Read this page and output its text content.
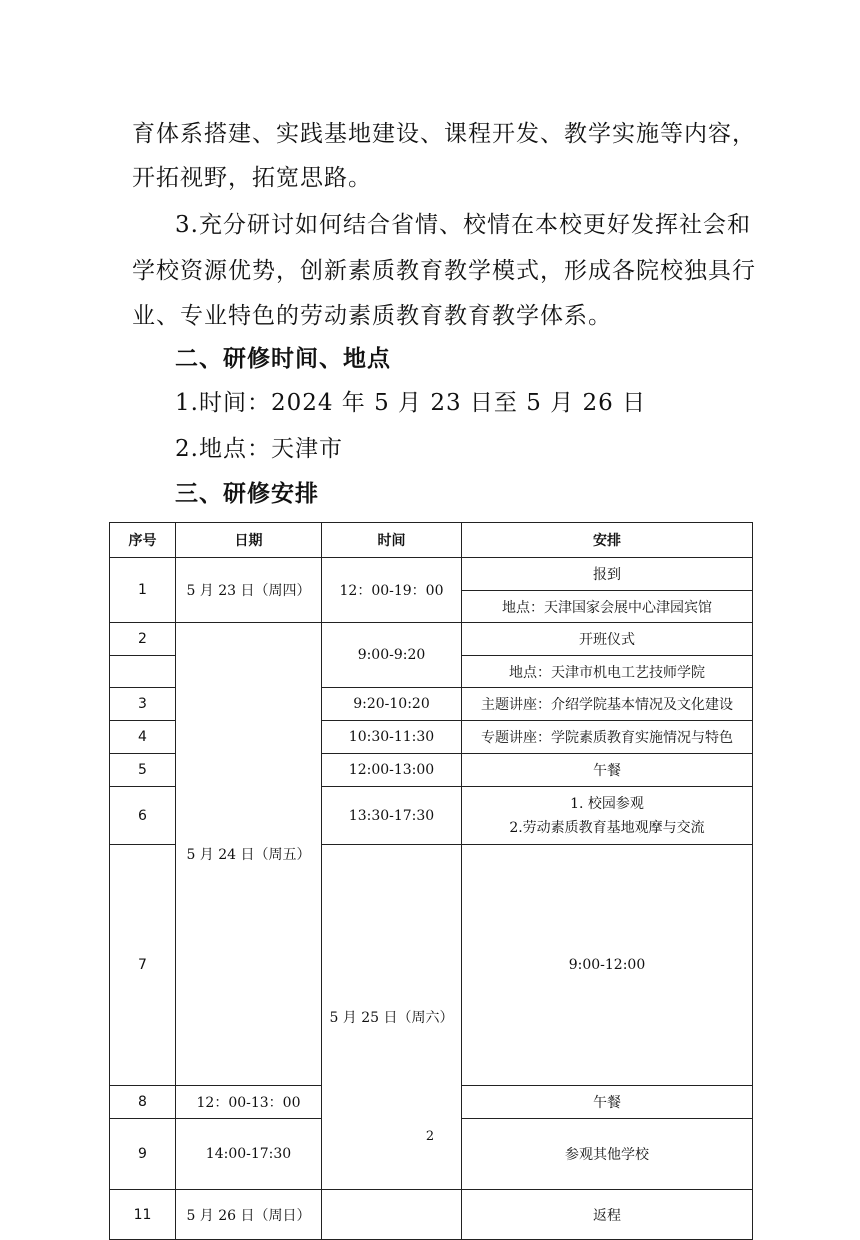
育体系搭建、实践基地建设、课程开发、教学实施等内容，
开拓视野，拓宽思路。
3.充分研讨如何结合省情、校情在本校更好发挥社会和
学校资源优势，创新素质教育教学模式，形成各院校独具行
业、专业特色的劳动素质教育教育教学体系。
二、研修时间、地点
1.时间：2024 年 5 月 23 日至 5 月 26 日
2.地点：天津市
三、研修安排
序号	日期	时间	安排	
1	5 月 23 日（周四）	12：00-19：00	报到	
			地点：天津国家会展中心津园宾馆	
2	5 月 24 日（周五）	9:00-9:20	开班仪式	
			地点：天津市机电工艺技师学院	
3		9:20-10:20	主题讲座：介绍学院基本情况及文化建设	
4		10:30-11:30	专题讲座：学院素质教育实施情况与特色	
5		12:00-13:00	午餐	
6		13:30-17:30	1. 校园参观
2.劳动素质教育基地观摩与交流	

7		5 月 25 日（周六）	9:00-12:00	

8	12：00-13：00		午餐	
9	14:00-17:30		参观其他学校	
11	5 月 26 日（周日）		返程	
2
